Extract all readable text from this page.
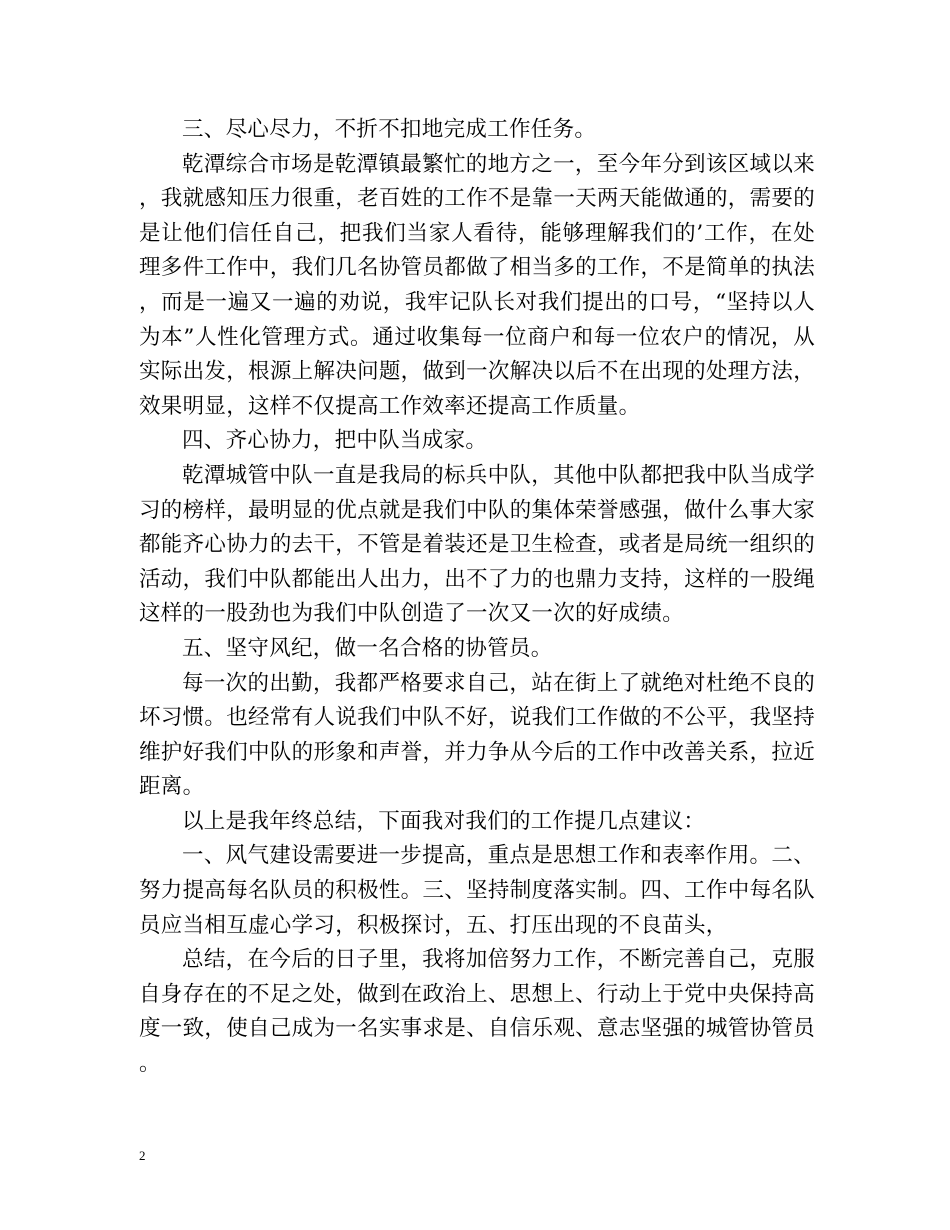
三、尽心尽力，不折不扣地完成工作任务。

乾潭综合市场是乾潭镇最繁忙的地方之一，至今年分到该区域以来，我就感知压力很重，老百姓的工作不是靠一天两天能做通的，需要的是让他们信任自己，把我们当家人看待，能够理解我们的’工作，在处理多件工作中，我们几名协管员都做了相当多的工作，不是简单的执法，而是一遍又一遍的劝说，我牢记队长对我们提出的口号，“坚持以人为本”人性化管理方式。通过收集每一位商户和每一位农户的情况，从实际出发，根源上解决问题，做到一次解决以后不在出现的处理方法，效果明显，这样不仅提高工作效率还提高工作质量。

四、齐心协力，把中队当成家。

乾潭城管中队一直是我局的标兵中队，其他中队都把我中队当成学习的榜样，最明显的优点就是我们中队的集体荣誉感强，做什么事大家都能齐心协力的去干，不管是着装还是卫生检查，或者是局统一组织的活动，我们中队都能出人出力，出不了力的也鼎力支持，这样的一股绳这样的一股劲也为我们中队创造了一次又一次的好成绩。

五、坚守风纪，做一名合格的协管员。

每一次的出勤，我都严格要求自己，站在街上了就绝对杜绝不良的坏习惯。也经常有人说我们中队不好，说我们工作做的不公平，我坚持维护好我们中队的形象和声誉，并力争从今后的工作中改善关系，拉近距离。

以上是我年终总结，下面我对我们的工作提几点建议：

一、风气建设需要进一步提高，重点是思想工作和表率作用。二、努力提高每名队员的积极性。三、坚持制度落实制。四、工作中每名队员应当相互虚心学习，积极探讨，五、打压出现的不良苗头，

总结，在今后的日子里，我将加倍努力工作，不断完善自己，克服自身存在的不足之处，做到在政治上、思想上、行动上于党中央保持高度一致，使自己成为一名实事求是、自信乐观、意志坚强的城管协管员。

2
